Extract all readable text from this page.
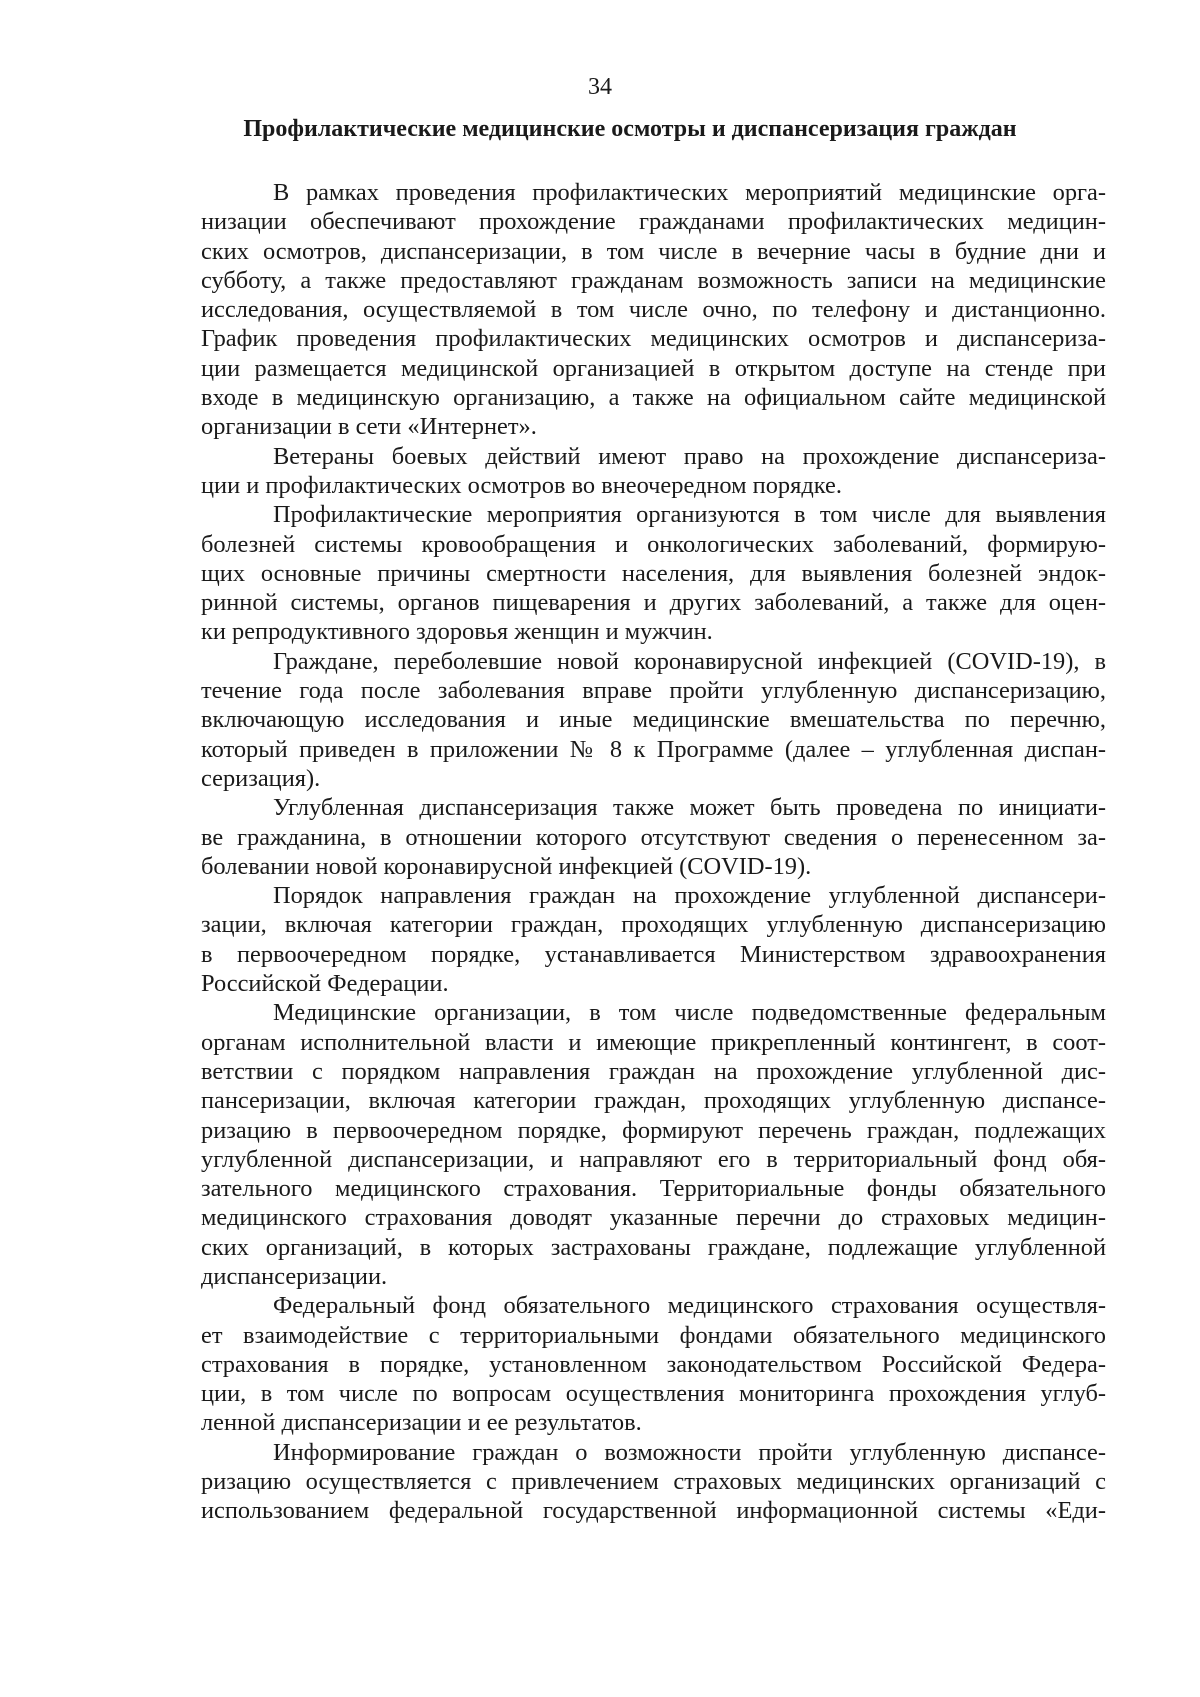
34
Профилактические медицинские осмотры и диспансеризация граждан
В рамках проведения профилактических мероприятий медицинские орга-
низации обеспечивают прохождение гражданами профилактических медицин-
ских осмотров, диспансеризации, в том числе в вечерние часы в будние дни и
субботу, а также предоставляют гражданам возможность записи на медицинские
исследования, осуществляемой в том числе очно, по телефону и дистанционно.
График проведения профилактических медицинских осмотров и диспансериза-
ции размещается медицинской организацией в открытом доступе на стенде при
входе в медицинскую организацию, а также на официальном сайте медицинской
организации в сети «Интернет».
Ветераны боевых действий имеют право на прохождение диспансериза-
ции и профилактических осмотров во внеочередном порядке.
Профилактические мероприятия организуются в том числе для выявления
болезней системы кровообращения и онкологических заболеваний, формирую-
щих основные причины смертности населения, для выявления болезней эндок-
ринной системы, органов пищеварения и других заболеваний, а также для оцен-
ки репродуктивного здоровья женщин и мужчин.
Граждане, переболевшие новой коронавирусной инфекцией (COVID-19), в
течение года после заболевания вправе пройти углубленную диспансеризацию,
включающую исследования и иные медицинские вмешательства по перечню,
который приведен в приложении № 8 к Программе (далее – углубленная диспан-
серизация).
Углубленная диспансеризация также может быть проведена по инициати-
ве гражданина, в отношении которого отсутствуют сведения о перенесенном за-
болевании новой коронавирусной инфекцией (COVID-19).
Порядок направления граждан на прохождение углубленной диспансери-
зации, включая категории граждан, проходящих углубленную диспансеризацию
в первоочередном порядке, устанавливается Министерством здравоохранения
Российской Федерации.
Медицинские организации, в том числе подведомственные федеральным
органам исполнительной власти и имеющие прикрепленный контингент, в соот-
ветствии с порядком направления граждан на прохождение углубленной дис-
пансеризации, включая категории граждан, проходящих углубленную диспансе-
ризацию в первоочередном порядке, формируют перечень граждан, подлежащих
углубленной диспансеризации, и направляют его в территориальный фонд обя-
зательного медицинского страхования. Территориальные фонды обязательного
медицинского страхования доводят указанные перечни до страховых медицин-
ских организаций, в которых застрахованы граждане, подлежащие углубленной
диспансеризации.
Федеральный фонд обязательного медицинского страхования осуществля-
ет взаимодействие с территориальными фондами обязательного медицинского
страхования в порядке, установленном законодательством Российской Федера-
ции, в том числе по вопросам осуществления мониторинга прохождения углуб-
ленной диспансеризации и ее результатов.
Информирование граждан о возможности пройти углубленную диспансе-
ризацию осуществляется с привлечением страховых медицинских организаций с
использованием федеральной государственной информационной системы «Еди-
